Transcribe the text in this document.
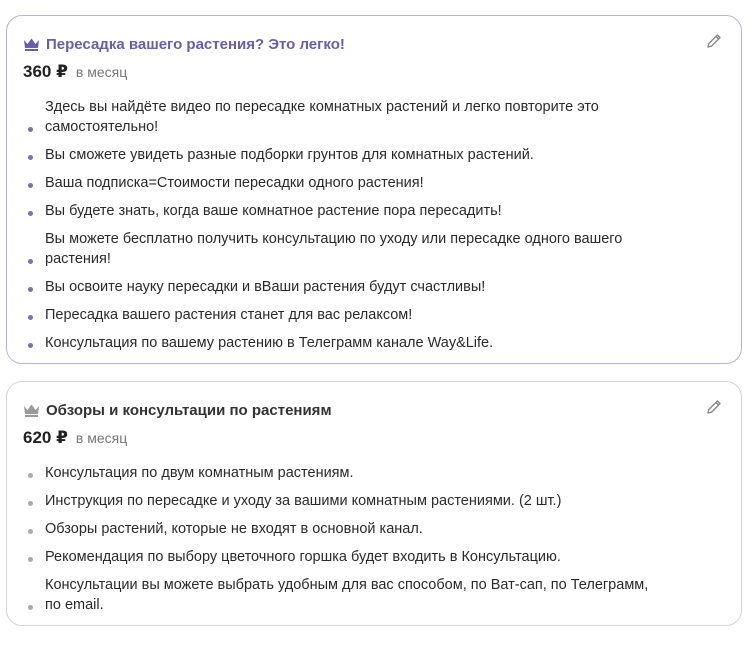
Пересадка вашего растения? Это легко!
360 ₽ в месяц
Здесь вы найдёте видео по пересадке комнатных растений и легко повторите это самостоятельно!
Вы сможете увидеть разные подборки грунтов для комнатных растений.
Ваша подписка=Стоимости пересадки одного растения!
Вы будете знать, когда ваше комнатное растение пора пересадить!
Вы можете бесплатно получить консультацию по уходу или пересадке одного вашего растения!
Вы освоите науку пересадки и вВаши растения будут счастливы!
Пересадка вашего растения станет для вас релаксом!
Консультация по вашему растению в Телеграмм канале Way&Life.
Обзоры и консультации по растениям
620 ₽ в месяц
Консультация по двум комнатным растениям.
Инструкция по пересадке и уходу за вашими комнатным растениями. (2 шт.)
Обзоры растений, которые не входят в основной канал.
Рекомендация по выбору цветочного горшка будет входить в Консультацию.
Консультации вы можете выбрать удобным для вас способом, по Ват-сап, по Телеграмм, по email.
